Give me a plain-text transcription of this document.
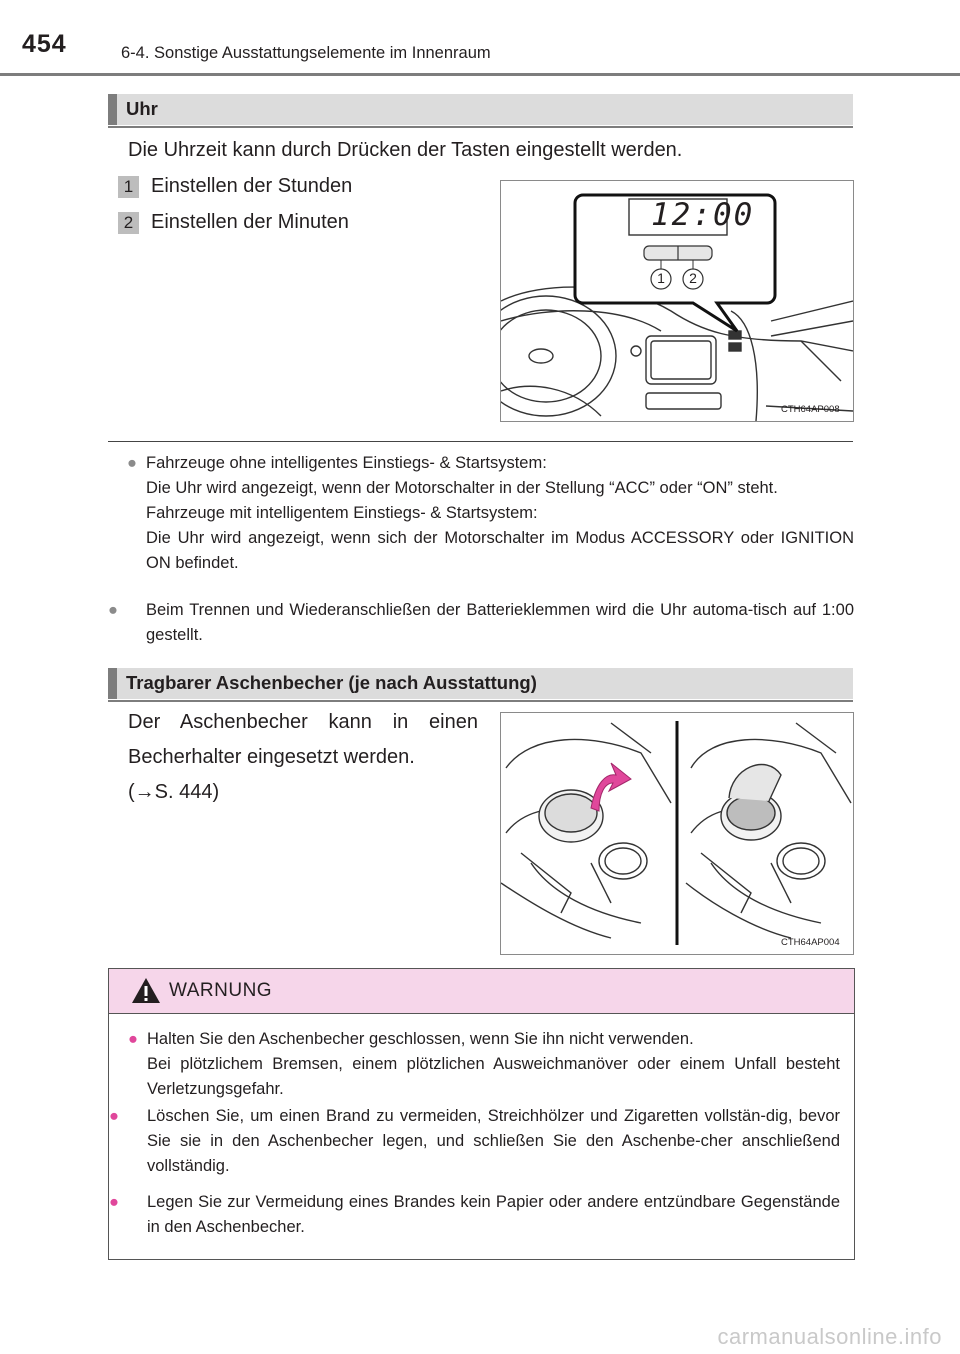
454	6-4. Sonstige Ausstattungselemente im Innenraum
Uhr
Die Uhrzeit kann durch Drücken der Tasten eingestellt werden.
1 Einstellen der Stunden
2 Einstellen der Minuten	12:00
1 2
CTH64AP008

● Fahrzeuge ohne intelligentes Einstiegs- & Startsystem:

Die Uhr wird angezeigt, wenn der Motorschalter in der Stellung “ACC” oder “ON” steht.

Fahrzeuge mit intelligentem Einstiegs- & Startsystem:

Die Uhr wird angezeigt, wenn sich der Motorschalter im Modus ACCESSORY oder IGNITION ON befindet.

● Beim Trennen und Wiederanschließen der Batterieklemmen wird die Uhr automa-tisch auf 1:00 gestellt.

Tragbarer Aschenbecher (je nach Ausstattung)
Der Aschenbecher kann in einen
Becherhalter eingesetzt werden.
(→S. 444)
CTH64AP004
WARNUNG

● Halten Sie den Aschenbecher geschlossen, wenn Sie ihn nicht verwenden.

Bei plötzlichem Bremsen, einem plötzlichen Ausweichmanöver oder einem Unfall besteht Verletzungsgefahr.

● Löschen Sie, um einen Brand zu vermeiden, Streichhölzer und Zigaretten vollstän-dig, bevor Sie sie in den Aschenbecher legen, und schließen Sie den Aschenbe-cher anschließend vollständig.

● Legen Sie zur Vermeidung eines Brandes kein Papier oder andere entzündbare Gegenstände in den Aschenbecher.

carmanualsonline.info
